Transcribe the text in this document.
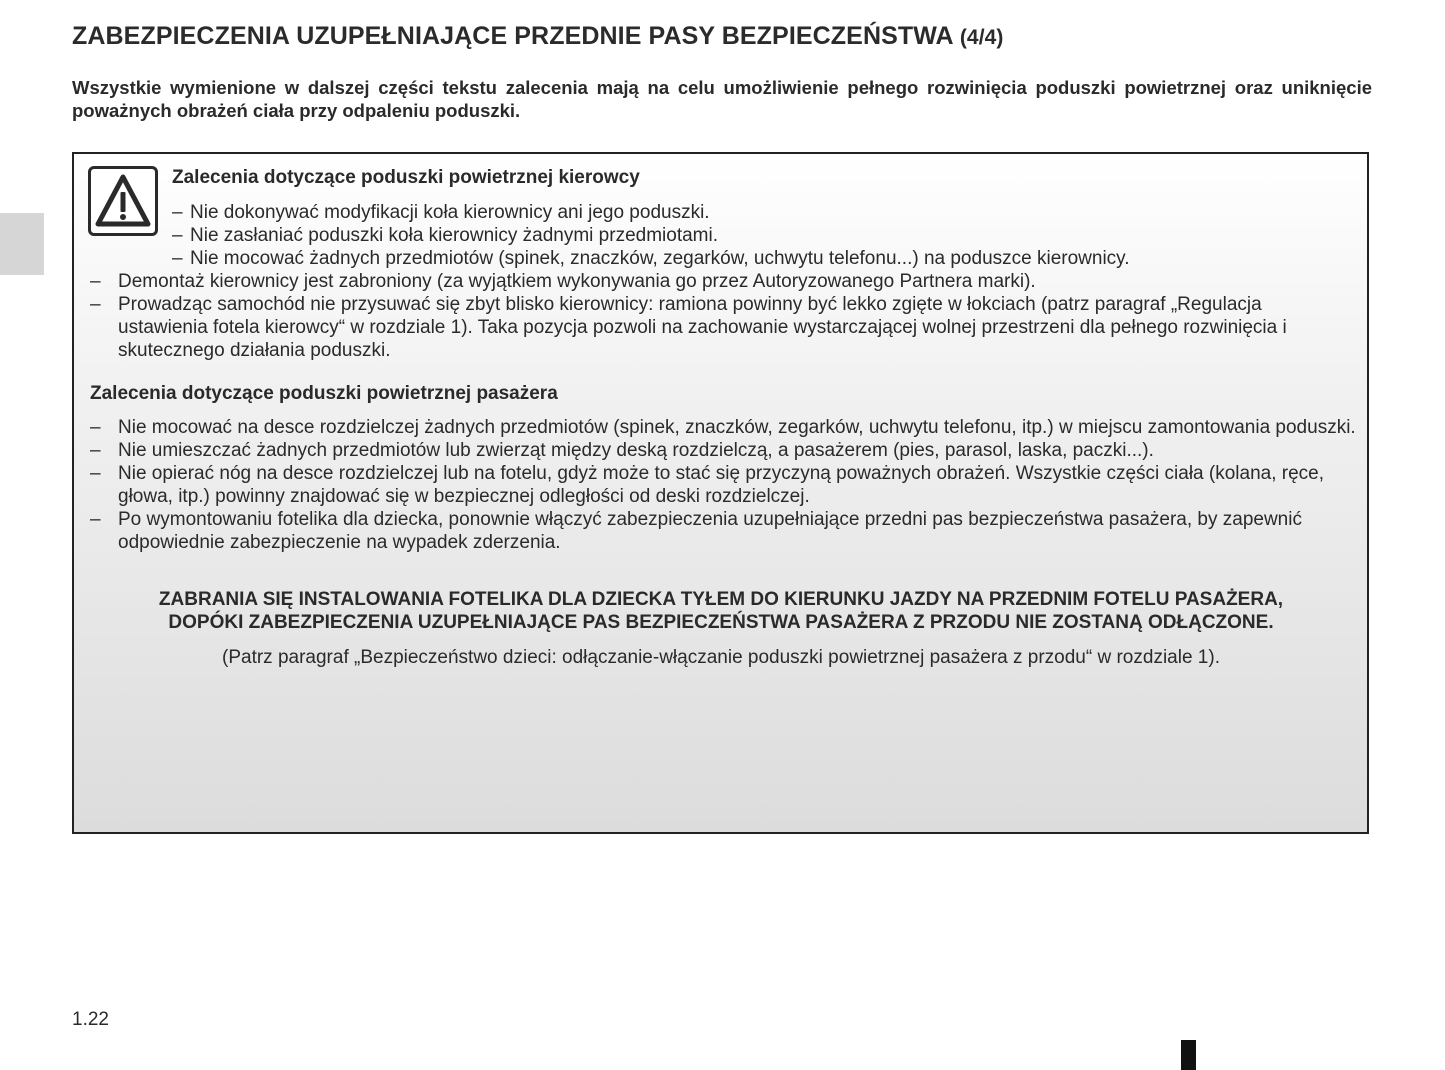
ZABEZPIECZENIA UZUPEŁNIAJĄCE PRZEDNIE PASY BEZPIECZEŃSTWA (4/4)

Wszystkie wymienione w dalszej części tekstu zalecenia mają na celu umożliwienie pełnego rozwinięcia poduszki powietrznej oraz uniknięcie poważnych obrażeń ciała przy odpaleniu poduszki.

Zalecenia dotyczące poduszki powietrznej kierowcy
– Nie dokonywać modyfikacji koła kierownicy ani jego poduszki.
– Nie zasłaniać poduszki koła kierownicy żadnymi przedmiotami.
– Nie mocować żadnych przedmiotów (spinek, znaczków, zegarków, uchwytu telefonu...) na poduszce kierownicy.
– Demontaż kierownicy jest zabroniony (za wyjątkiem wykonywania go przez Autoryzowanego Partnera marki).
– Prowadząc samochód nie przysuwać się zbyt blisko kierownicy: ramiona powinny być lekko zgięte w łokciach (patrz paragraf „Regulacja ustawienia fotela kierowcy“ w rozdziale 1). Taka pozycja pozwoli na zachowanie wystarczającej wolnej przestrzeni dla pełnego rozwinięcia i skutecznego działania poduszki.
Zalecenia dotyczące poduszki powietrznej pasażera
– Nie mocować na desce rozdzielczej żadnych przedmiotów (spinek, znaczków, zegarków, uchwytu telefonu, itp.) w miejscu zamontowania poduszki.
– Nie umieszczać żadnych przedmiotów lub zwierząt między deską rozdzielczą, a pasażerem (pies, parasol, laska, paczki...).
– Nie opierać nóg na desce rozdzielczej lub na fotelu, gdyż może to stać się przyczyną poważnych obrażeń. Wszystkie części ciała (kolana, ręce, głowa, itp.) powinny znajdować się w bezpiecznej odległości od deski rozdzielczej.
– Po wymontowaniu fotelika dla dziecka, ponownie włączyć zabezpieczenia uzupełniające przedni pas bezpieczeństwa pasażera, by zapewnić odpowiednie zabezpieczenie na wypadek zderzenia.

ZABRANIA SIĘ INSTALOWANIA FOTELIKA DLA DZIECKA TYŁEM DO KIERUNKU JAZDY NA PRZEDNIM FOTELU PASAŻERA,
DOPÓKI ZABEZPIECZENIA UZUPEŁNIAJĄCE PAS BEZPIECZEŃSTWA PASAŻERA Z PRZODU NIE ZOSTANĄ ODŁĄCZONE.

(Patrz paragraf „Bezpieczeństwo dzieci: odłączanie-włączanie poduszki powietrznej pasażera z przodu“ w rozdziale 1).

1.22
